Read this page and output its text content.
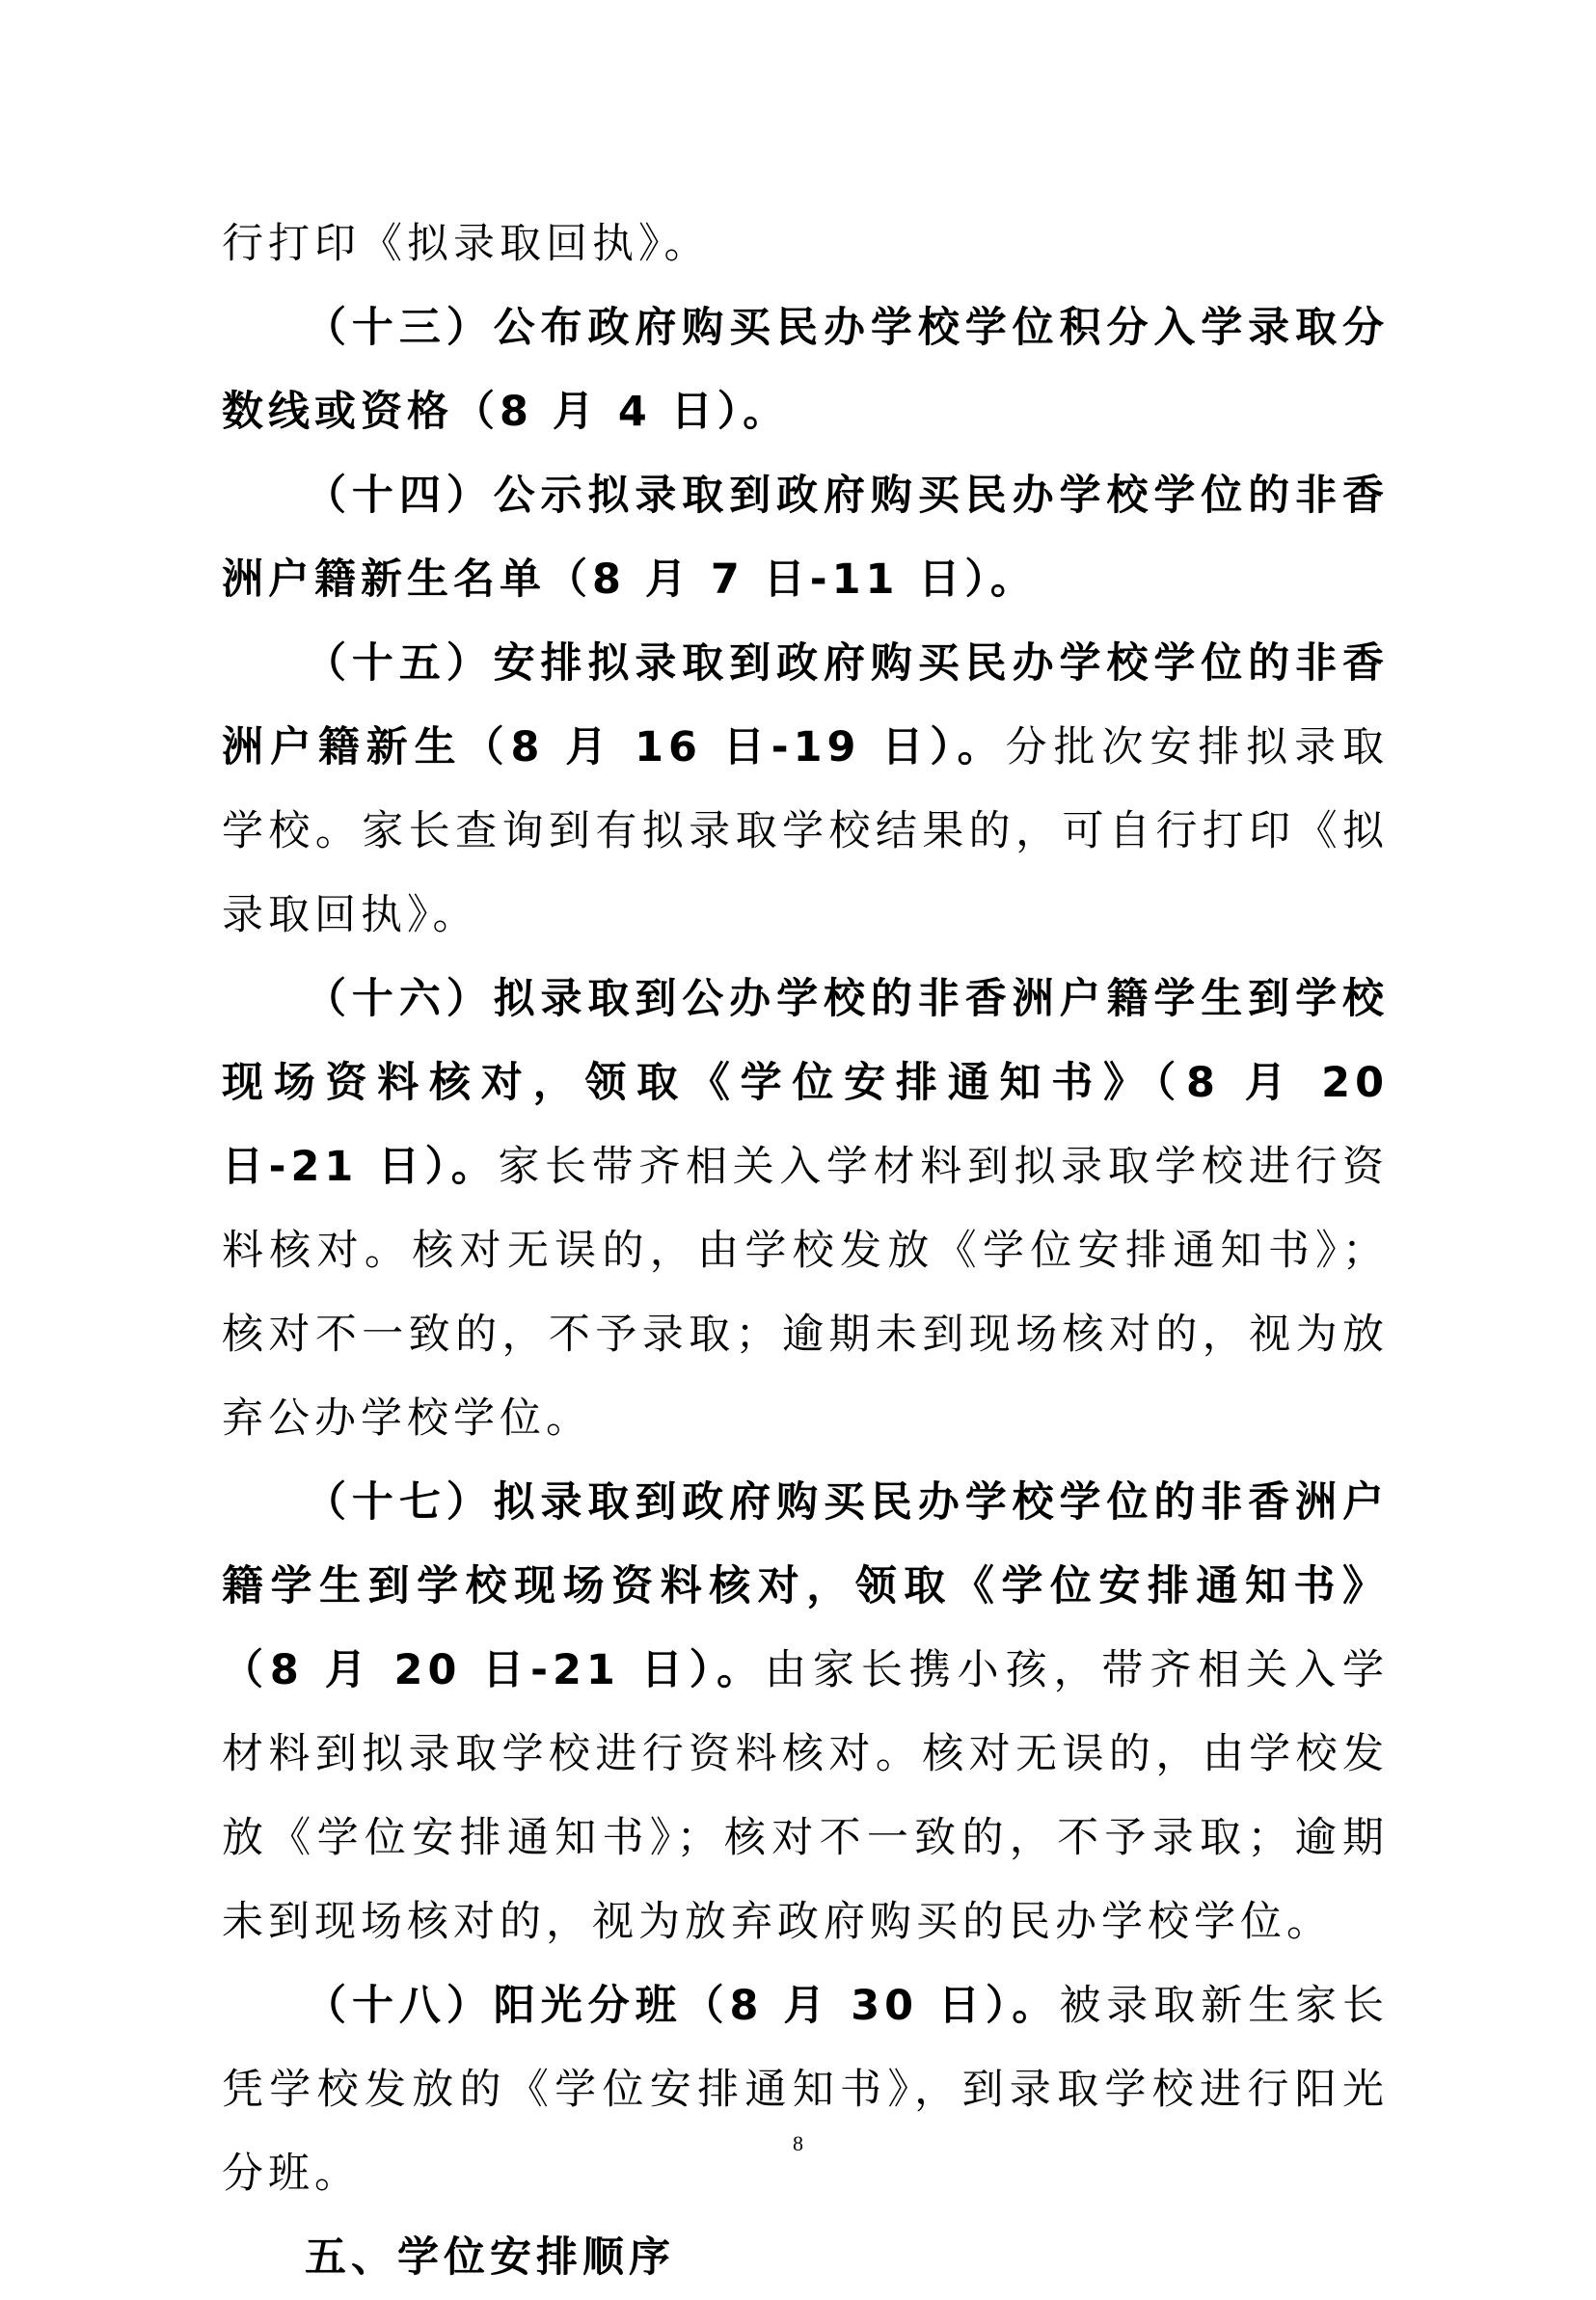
行打印《拟录取回执》。

（十三）公布政府购买民办学校学位积分入学录取分数线或资格（8 月 4 日）。

（十四）公示拟录取到政府购买民办学校学位的非香洲户籍新生名单（8 月 7 日-11 日）。

（十五）安排拟录取到政府购买民办学校学位的非香洲户籍新生（8 月 16 日-19 日）。分批次安排拟录取学校。家长查询到有拟录取学校结果的，可自行打印《拟录取回执》。

（十六）拟录取到公办学校的非香洲户籍学生到学校现场资料核对，领取《学位安排通知书》（8 月 20 日-21 日）。家长带齐相关入学材料到拟录取学校进行资料核对。核对无误的，由学校发放《学位安排通知书》；核对不一致的，不予录取；逾期未到现场核对的，视为放弃公办学校学位。

（十七）拟录取到政府购买民办学校学位的非香洲户籍学生到学校现场资料核对，领取《学位安排通知书》（8 月 20 日-21 日）。由家长携小孩，带齐相关入学材料到拟录取学校进行资料核对。核对无误的，由学校发放《学位安排通知书》；核对不一致的，不予录取；逾期未到现场核对的，视为放弃政府购买的民办学校学位。

（十八）阳光分班（8 月 30 日）。被录取新生家长凭学校发放的《学位安排通知书》，到录取学校进行阳光分班。

五、学位安排顺序

8
